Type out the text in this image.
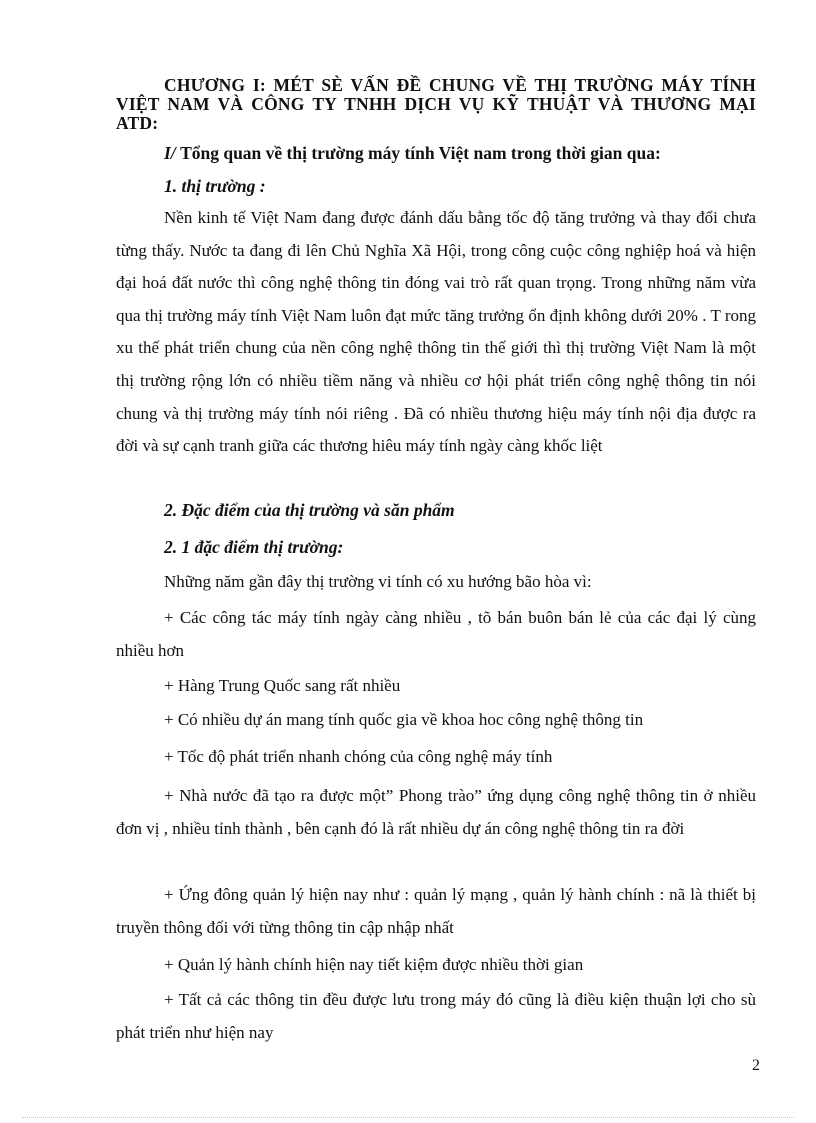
CHƯƠNG I: MÉT SÈ VẤN ĐỀ CHUNG VỀ THỊ TRƯỜNG MÁY TÍNH VIỆT NAM VÀ CÔNG TY TNHH DỊCH VỤ KỸ THUẬT VÀ THƯƠNG MẠI ATD:
I/ Tổng quan về thị trường máy tính Việt nam trong thời gian qua:
1. thị trường :
Nền kinh tế Việt Nam đang được đánh dấu bằng tốc độ tăng trưởng và thay đổi chưa từng thấy. Nước ta đang đi lên Chủ Nghĩa Xã Hội, trong công cuộc công nghiệp hoá và hiện đại hoá đất nước thì công nghệ thông tin đóng vai trò rất quan trọng. Trong những năm vừa qua thị trường máy tính Việt Nam luôn đạt mức tăng trưởng ổn định không dưới 20% . T rong xu thế phát triển chung của nền công nghệ thông tin thế giới thì thị trường Việt Nam là một thị trường rộng lớn có nhiều tiềm năng và nhiều cơ hội phát triển công nghệ thông tin nói chung và thị trường máy tính nói riêng . Đã có nhiều thương hiệu máy tính nội địa được ra đời và sự cạnh tranh giữa các thương hiêu máy tính ngày càng khốc liệt
2. Đặc điểm của thị trường và săn phẩm
2. 1 đặc điểm thị trường:
Những năm gần đây thị trường vi tính có xu hướng bão hòa vì:
+ Các công tác máy tính ngày càng nhiều , tõ bán buôn bán lẻ của các đại lý cùng nhiều hơn
+ Hàng Trung Quốc sang rất nhiều
+ Có nhiều dự án mang tính quốc gia về khoa hoc công nghệ thông tin
+ Tốc độ phát triển nhanh chóng của công nghệ máy tính
+ Nhà nước đã tạo ra được một” Phong trào” ứng dụng công nghệ thông tin ở nhiều đơn vị , nhiều tỉnh thành , bên cạnh đó là rất nhiều dự án công nghệ thông tin ra đời
+ Ứng đông quản lý hiện nay như : quản lý mạng , quản lý hành chính : nã là thiết bị truyền thông đối với từng thông tin cập nhập nhất
+ Quản lý hành chính hiện nay tiết kiệm được nhiều thời gian
+ Tất cả các thông tin đều được lưu trong máy đó cũng là điều kiện thuận lợi cho sù phát triển như hiện nay
2
